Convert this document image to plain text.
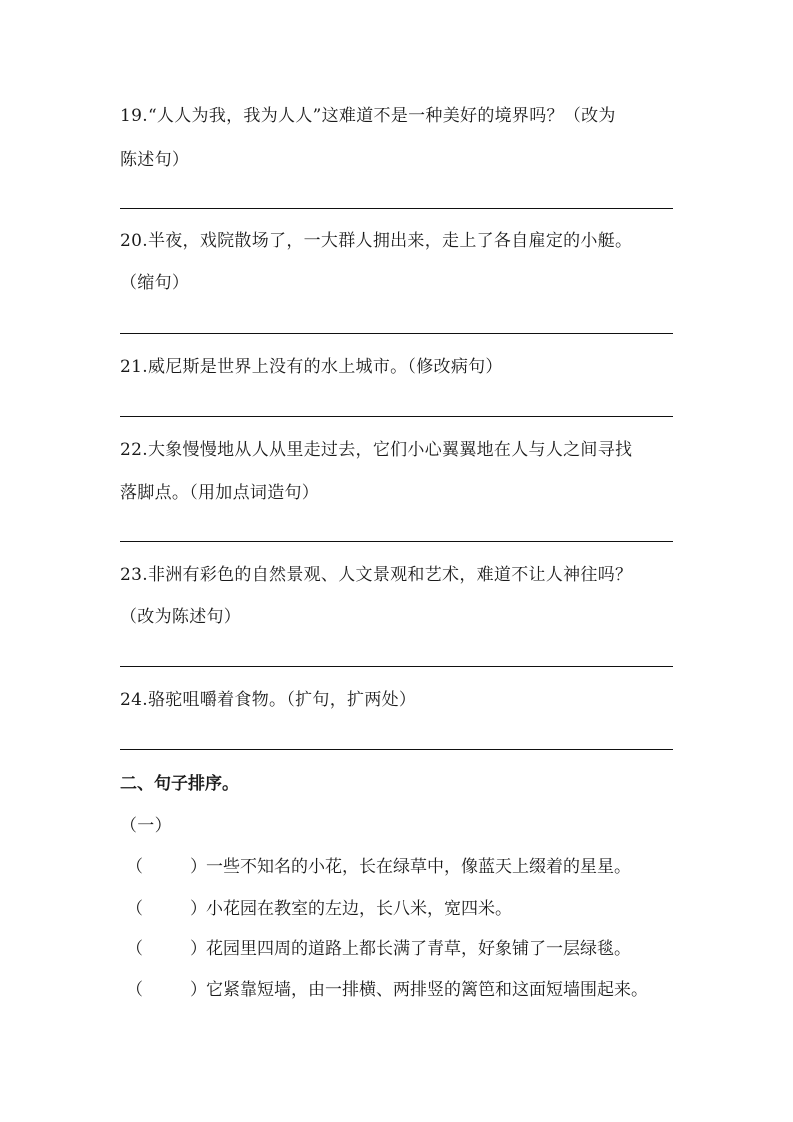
19.“人人为我，我为人人”这难道不是一种美好的境界吗？（改为
陈述句）
20.半夜，戏院散场了，一大群人拥出来，走上了各自雇定的小艇。
（缩句）
21.威尼斯是世界上没有的水上城市。（修改病句）
22.大象慢慢地从人从里走过去，它们小心翼翼地在人与人之间寻找
落脚点。（用加点词造句）
23.非洲有彩色的自然景观、人文景观和艺术，难道不让人神往吗？
（改为陈述句）
24.骆驼咀嚼着食物。（扩句，扩两处）
二、句子排序。
（一）
（	）一些不知名的小花，长在绿草中，像蓝天上缀着的星星。
（	）小花园在教室的左边，长八米，宽四米。
（	）花园里四周的道路上都长满了青草，好象铺了一层绿毯。
（	）它紧靠短墙，由一排横、两排竖的篱笆和这面短墙围起来。
